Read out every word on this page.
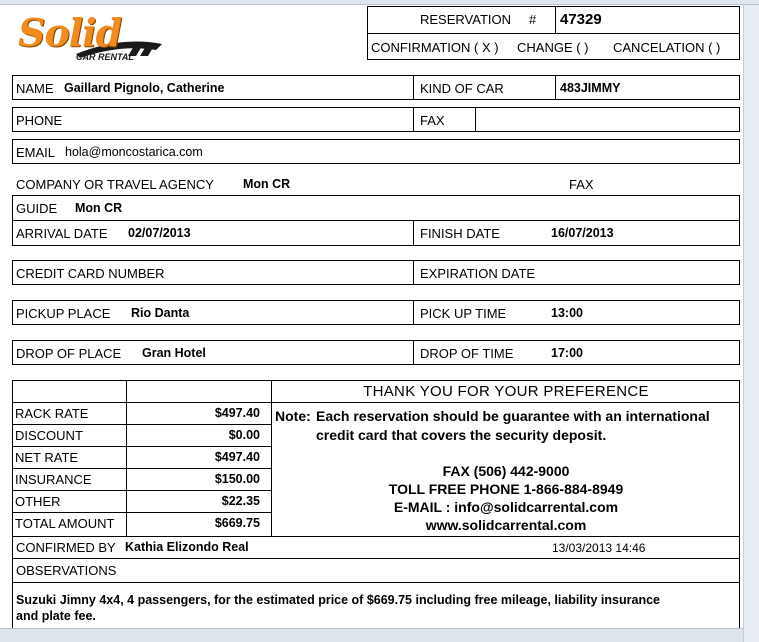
Solid
CAR RENTAL
RESERVATION # 47329
CONFIRMATION ( X ) CHANGE ( ) CANCELATION ( )
NAME Gaillard Pignolo, Catherine	KIND OF CAR	483JIMMY
PHONE	FAX
EMAIL hola@moncostarica.com
COMPANY OR TRAVEL AGENCY Mon CR	FAX
GUIDE Mon CR
ARRIVAL DATE 02/07/2013	FINISH DATE	16/07/2013
CREDIT CARD NUMBER	EXPIRATION DATE
PICKUP PLACE Rio Danta	PICK UP TIME	13:00
DROP OF PLACE Gran Hotel	DROP OF TIME	17:00
RACK RATE	$497.40
DISCOUNT	$0.00
NET RATE	$497.40
INSURANCE	$150.00
OTHER	$22.35
TOTAL AMOUNT	$669.75
THANK YOU FOR YOUR PREFERENCE
Note: Each reservation should be guarantee with an international
credit card that covers the security deposit.
FAX (506) 442-9000
TOLL FREE PHONE 1-866-884-8949
E-MAIL : info@solidcarrental.com
www.solidcarrental.com
CONFIRMED BY Kathia Elizondo Real	13/03/2013 14:46
OBSERVATIONS
Suzuki Jimny 4x4, 4 passengers, for the estimated price of $669.75 including free mileage, liability insurance
and plate fee.
